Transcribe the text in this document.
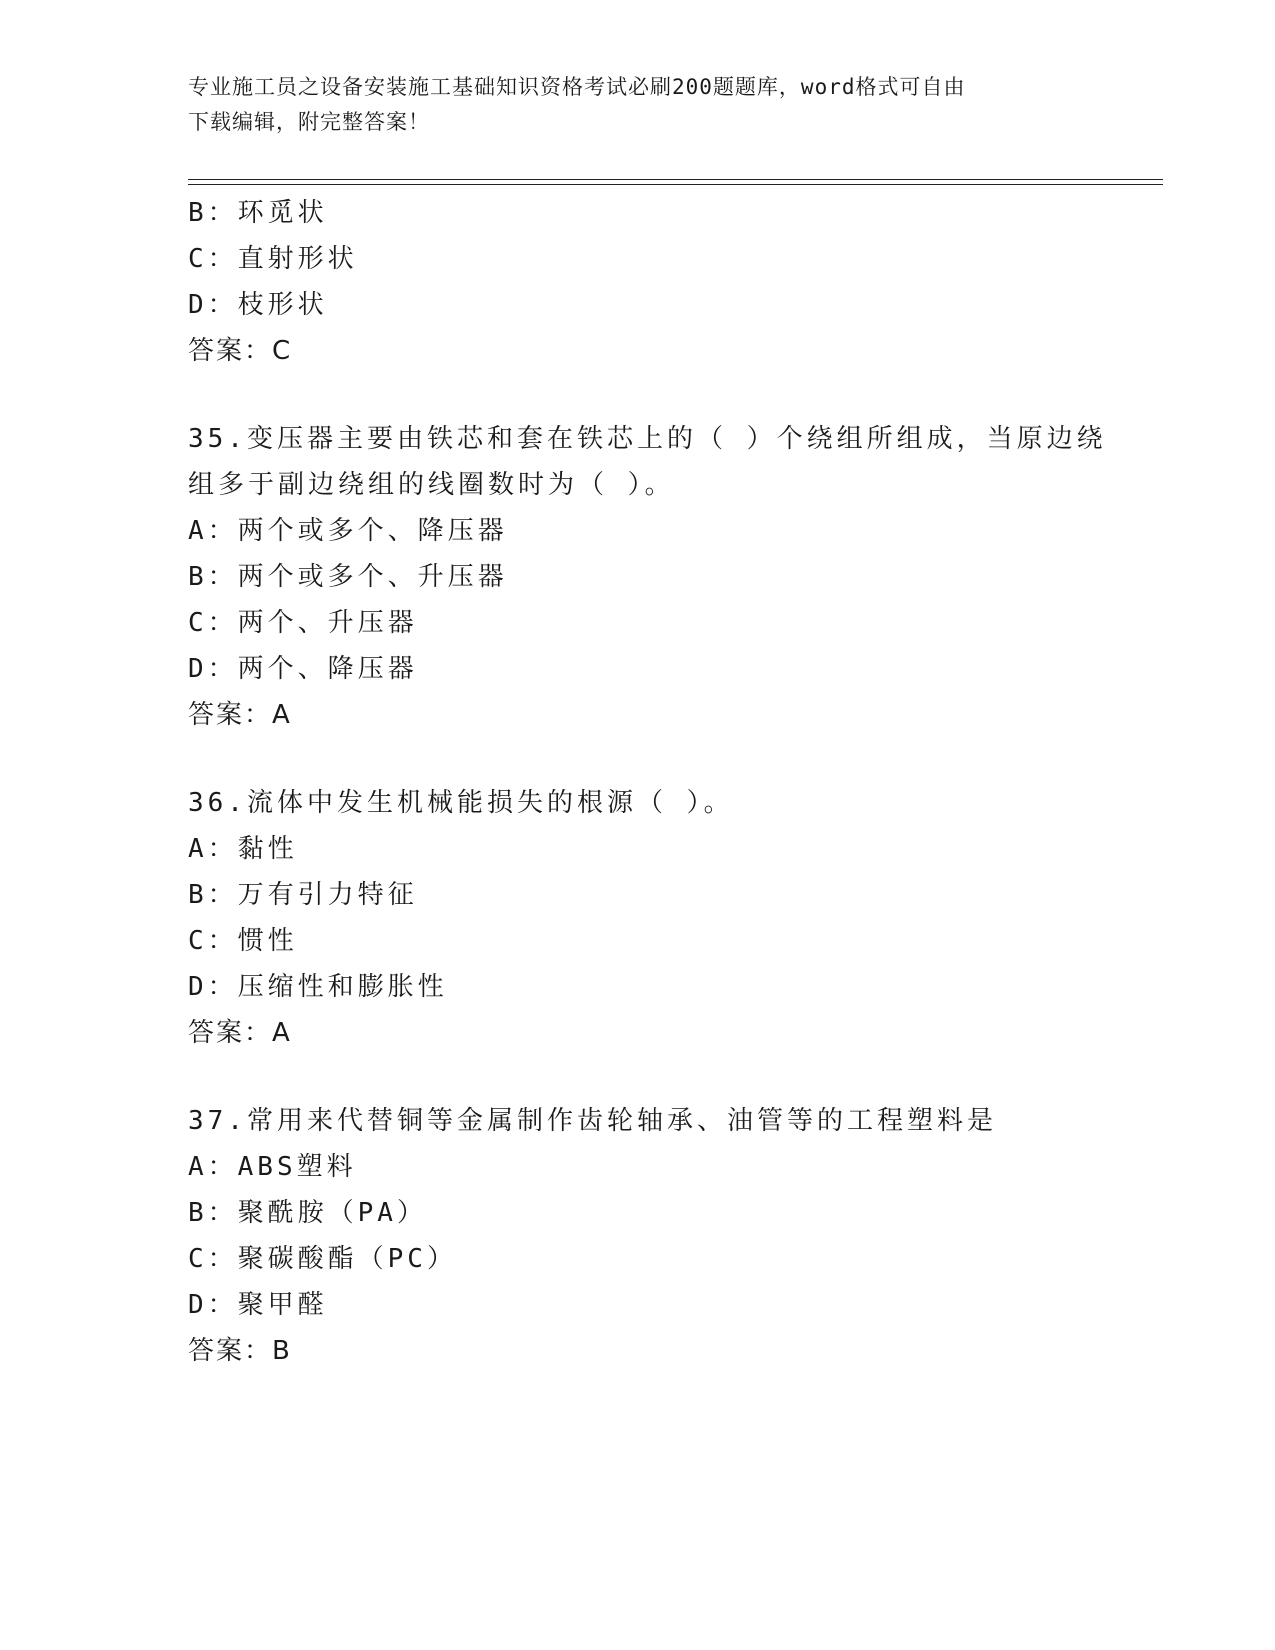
专业施工员之设备安装施工基础知识资格考试必刷200题题库，word格式可自由
下载编辑，附完整答案！
B：环觅状
C：直射形状
D：枝形状
答案：C
35.变压器主要由铁芯和套在铁芯上的（ ）个绕组所组成，当原边绕
组多于副边绕组的线圈数时为（ ）。
A：两个或多个、降压器
B：两个或多个、升压器
C：两个、升压器
D：两个、降压器
答案：A
36.流体中发生机械能损失的根源（ ）。
A：黏性
B：万有引力特征
C：惯性
D：压缩性和膨胀性
答案：A
37.常用来代替铜等金属制作齿轮轴承、油管等的工程塑料是
A：ABS塑料
B：聚酰胺（PA）
C：聚碳酸酯（PC）
D：聚甲醛
答案：B
